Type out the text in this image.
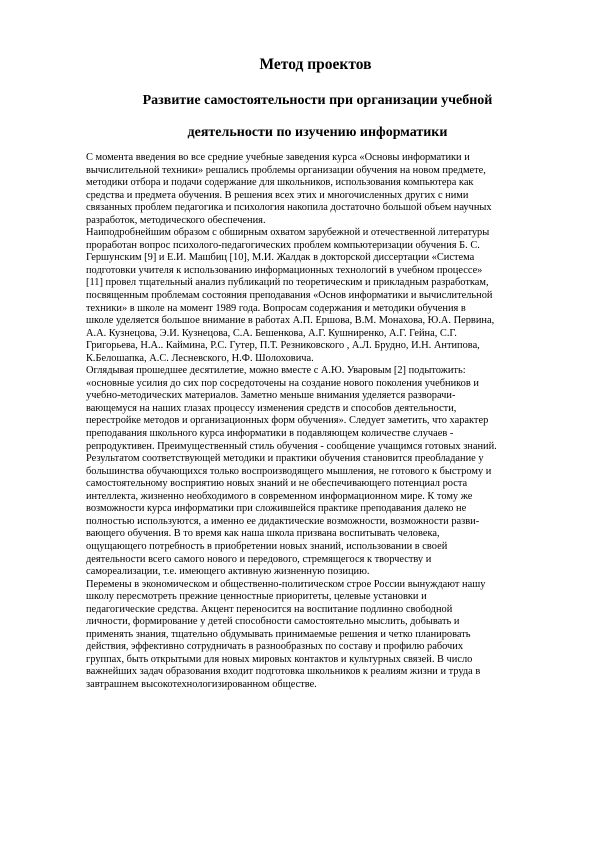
Метод проектов
Развитие самостоятельности при организации учебной
деятельности по изучению информатики
С момента введения во все средние учебные заведения курса «Основы информатики и
вычислительной техники» решались проблемы организации обучения на новом предмете,
методики отбора и подачи содержание для школьников, использования компьютера как
средства и предмета обучения. В решения всех этих и многочисленных других с ними
связанных проблем педагогика и психология накопила достаточно большой объем научных
разработок, методического обеспечения.
Наиподробнейшим образом с обширным охватом зарубежной и отечественной литературы
проработан вопрос психолого-педагогических проблем компьютеризации обучения Б. С.
Гершунским [9] и Е.И. Машбиц [10], М.И. Жалдак в докторской диссертации «Система
подготовки учителя к использованию информационных технологий в учебном процессе»
[11] провел тщательный анализ публикаций по теоретическим и прикладным разработкам,
посвященным проблемам состояния преподавания «Основ информатики и вычислительной
техники» в школе на момент 1989 года. Вопросам содержания и методики обучения в
школе уделяется большое внимание в работах А.П. Ершова, В.М. Монахова, Ю.А. Первина,
А.А. Кузнецова, Э.И. Кузнецова, С.А. Бешенкова, А.Г. Кушниренко, А.Г. Гейна, С.Г.
Григорьева, Н.А.. Каймина, Р.С. Гутер, П.Т. Резниковского , А.Л. Брудно, И.Н. Антипова,
К.Белошапка, А.С. Лесневского, Н.Ф. Шолоховича.
Оглядывая прошедшее десятилетие, можно вместе с А.Ю. Уваровым [2] подытожить:
«основные усилия до сих пор сосредоточены на создание нового поколения учебников и
учебно-методических материалов. Заметно меньше внимания уделяется разворачи-
вающемуся на наших глазах процессу изменения средств и способов деятельности,
перестройке методов и организационных форм обучения». Следует заметить, что характер
преподавания школьного курса информатики в подавляющем количестве случаев -
репродуктивен. Преимущественный стиль обучения - сообщение учащимся готовых знаний.
Результатом соответствующей методики и практики обучения становится преобладание у
большинства обучающихся только воспроизводящего мышления, не готового к быстрому и
самостоятельному восприятию новых знаний и не обеспечивающего потенциал роста
интеллекта, жизненно необходимого в современном информационном мире. К тому же
возможности курса информатики при сложившейся практике преподавания далеко не
полностью используются, а именно ее дидактические возможности, возможности разви-
вающего обучения. В то время как наша школа призвана воспитывать человека,
ощущающего потребность в приобретении новых знаний, использовании в своей
деятельности всего самого нового и передового, стремящегося к творчеству и
самореализации, т.е. имеющего активную жизненную позицию.
Перемены в экономическом и общественно-политическом строе России вынуждают нашу
школу пересмотреть прежние ценностные приоритеты, целевые установки и
педагогические средства. Акцент переносится на воспитание подлинно свободной
личности, формирование у детей способности самостоятельно мыслить, добывать и
применять знания, тщательно обдумывать принимаемые решения и четко планировать
действия, эффективно сотрудничать в разнообразных по составу и профилю рабочих
группах, быть открытыми для новых мировых контактов и культурных связей. В число
важнейших задач образования входит подготовка школьников к реалиям жизни и труда в
завтрашнем высокотехнологизированном обществе.
